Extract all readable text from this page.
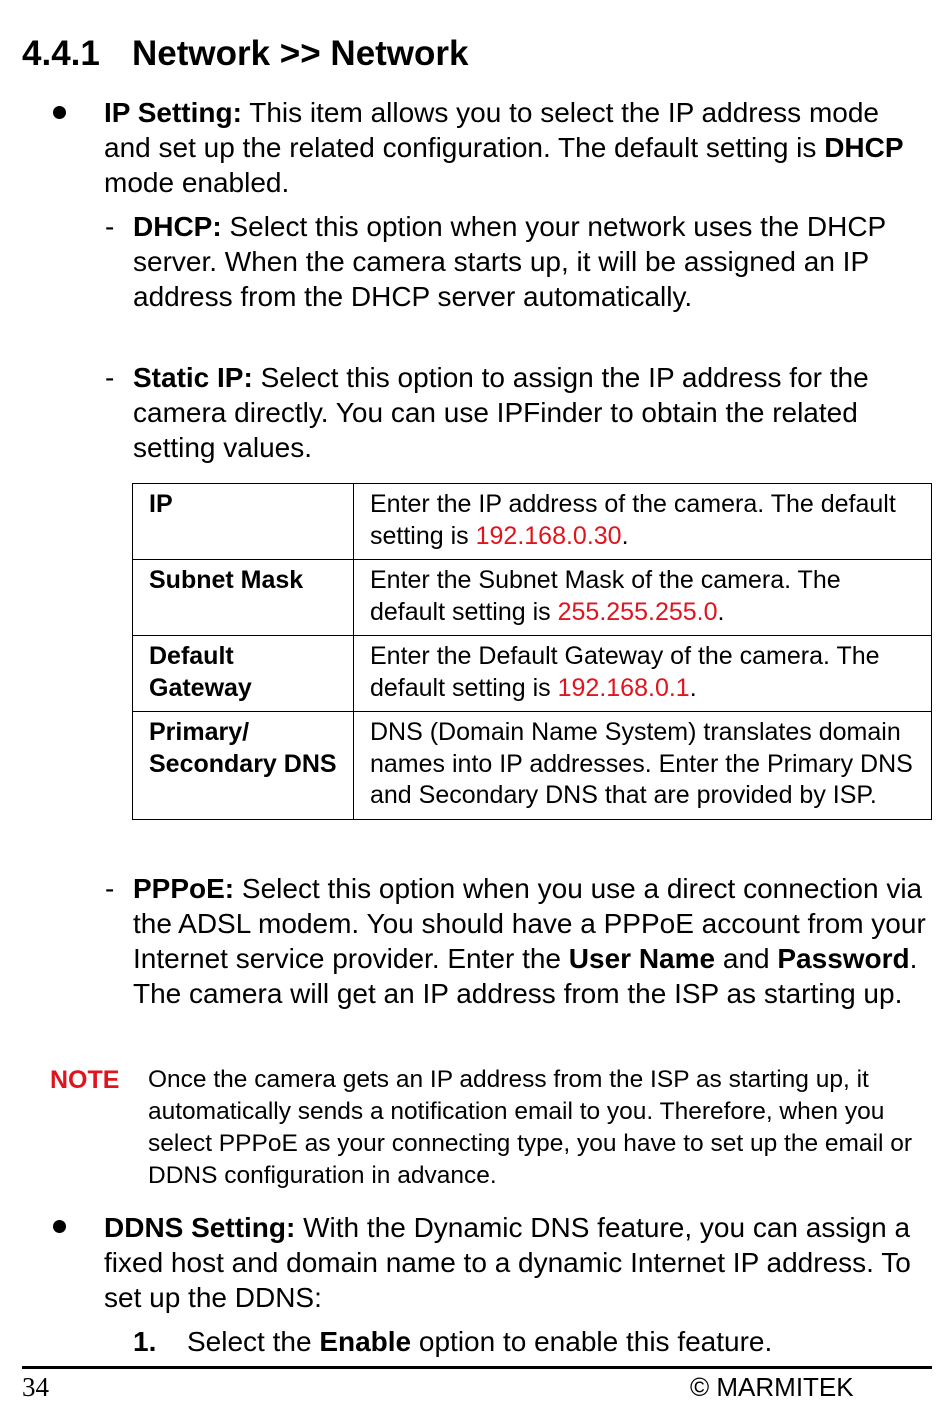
4.4.1 Network >> Network
IP Setting: This item allows you to select the IP address mode and set up the related configuration. The default setting is DHCP mode enabled.
- DHCP: Select this option when your network uses the DHCP server. When the camera starts up, it will be assigned an IP address from the DHCP server automatically.
- Static IP: Select this option to assign the IP address for the camera directly. You can use IPFinder to obtain the related setting values.
IP	Enter the IP address of the camera. The default setting is 192.168.0.30.
Subnet Mask	Enter the Subnet Mask of the camera. The default setting is 255.255.255.0.
Default Gateway	Enter the Default Gateway of the camera. The default setting is 192.168.0.1.
Primary/ Secondary DNS	DNS (Domain Name System) translates domain names into IP addresses. Enter the Primary DNS and Secondary DNS that are provided by ISP.
- PPPoE: Select this option when you use a direct connection via the ADSL modem. You should have a PPPoE account from your Internet service provider. Enter the User Name and Password. The camera will get an IP address from the ISP as starting up.
NOTE Once the camera gets an IP address from the ISP as starting up, it automatically sends a notification email to you. Therefore, when you select PPPoE as your connecting type, you have to set up the email or DDNS configuration in advance.
DDNS Setting: With the Dynamic DNS feature, you can assign a fixed host and domain name to a dynamic Internet IP address. To set up the DDNS:
1. Select the Enable option to enable this feature.
34	© MARMITEK
